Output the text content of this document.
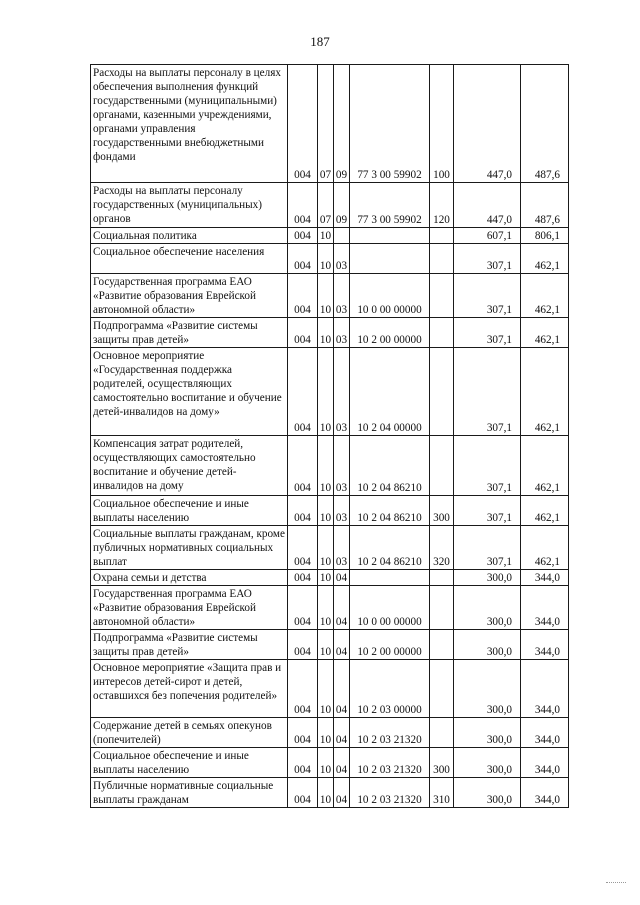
187
Расходы на выплаты персоналу в целях обеспечения выполнения функций государственными (муниципальными) органами, казенными учреждениями, органами управления государственными внебюджетными фондами	004	07	09	77 3 00 59902	100	447,0	487,6
Расходы на выплаты персоналу государственных (муниципальных) органов	004	07	09	77 3 00 59902	120	447,0	487,6
Социальная политика	004	10				607,1	806,1
Социальное обеспечение населения	004	10	03			307,1	462,1
Государственная программа ЕАО «Развитие образования Еврейской автономной области»	004	10	03	10 0 00 00000		307,1	462,1
Подпрограмма «Развитие системы защиты прав детей»	004	10	03	10 2 00 00000		307,1	462,1
Основное мероприятие «Государственная поддержка родителей, осуществляющих самостоятельно воспитание и обучение детей-инвалидов на дому»	004	10	03	10 2 04 00000		307,1	462,1
Компенсация затрат родителей, осуществляющих самостоятельно воспитание и обучение детей-инвалидов на дому	004	10	03	10 2 04 86210		307,1	462,1
Социальное обеспечение и иные выплаты населению	004	10	03	10 2 04 86210	300	307,1	462,1
Социальные выплаты гражданам, кроме публичных нормативных социальных выплат	004	10	03	10 2 04 86210	320	307,1	462,1
Охрана семьи и детства	004	10	04			300,0	344,0
Государственная программа ЕАО «Развитие образования Еврейской автономной области»	004	10	04	10 0 00 00000		300,0	344,0
Подпрограмма «Развитие системы защиты прав детей»	004	10	04	10 2 00 00000		300,0	344,0
Основное мероприятие «Защита прав и интересов детей-сирот и детей, оставшихся без попечения родителей»	004	10	04	10 2 03 00000		300,0	344,0
Содержание детей в семьях опекунов (попечителей)	004	10	04	10 2 03 21320		300,0	344,0
Социальное обеспечение и иные выплаты населению	004	10	04	10 2 03 21320	300	300,0	344,0
Публичные нормативные социальные выплаты гражданам	004	10	04	10 2 03 21320	310	300,0	344,0
